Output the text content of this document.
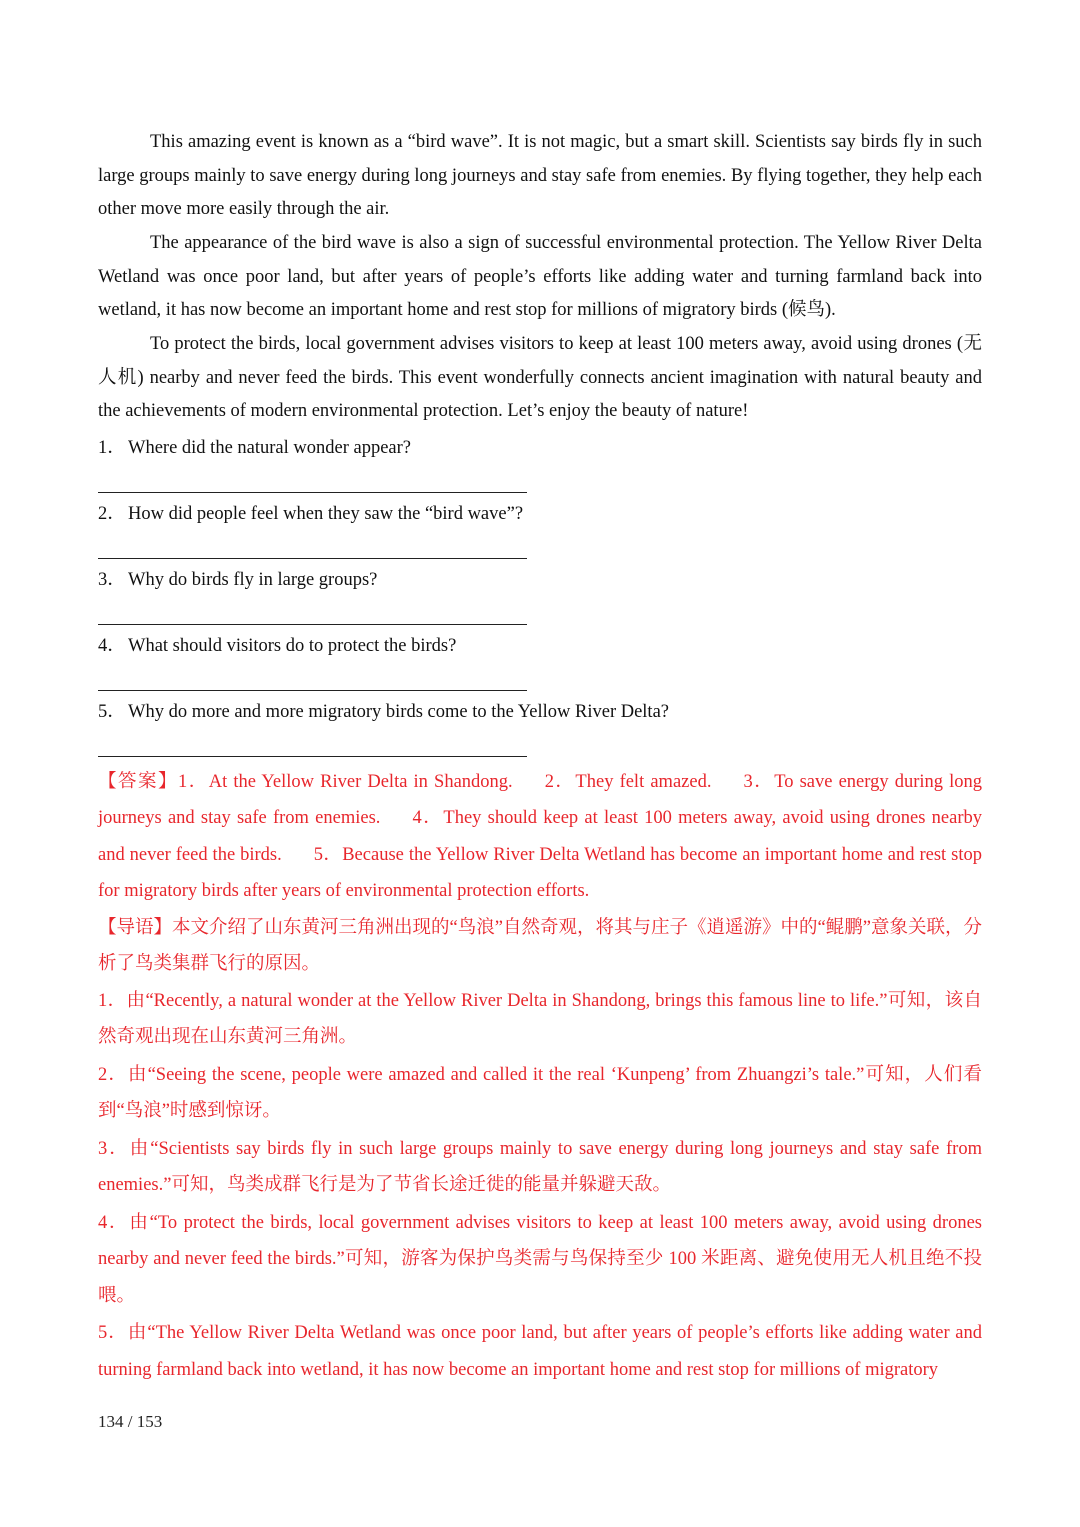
This amazing event is known as a “bird wave”. It is not magic, but a smart skill. Scientists say birds fly in such large groups mainly to save energy during long journeys and stay safe from enemies. By flying together, they help each other move more easily through the air.

The appearance of the bird wave is also a sign of successful environmental protection. The Yellow River Delta Wetland was once poor land, but after years of people’s efforts like adding water and turning farmland back into wetland, it has now become an important home and rest stop for millions of migratory birds (候鸟).

To protect the birds, local government advises visitors to keep at least 100 meters away, avoid using drones (无人机) nearby and never feed the birds. This event wonderfully connects ancient imagination with natural beauty and the achievements of modern environmental protection. Let’s enjoy the beauty of nature!

1． Where did the natural wonder appear?

2． How did people feel when they saw the “bird wave”?

3． Why do birds fly in large groups?

4． What should visitors do to protect the birds?

5． Why do more and more migratory birds come to the Yellow River Delta?

【答案】1．At the Yellow River Delta in Shandong. 2．They felt amazed. 3．To save energy during long journeys and stay safe from enemies. 4．They should keep at least 100 meters away, avoid using drones nearby and never feed the birds. 5．Because the Yellow River Delta Wetland has become an important home and rest stop for migratory birds after years of environmental protection efforts.

【导语】本文介绍了山东黄河三角洲出现的“鸟浪”自然奇观，将其与庄子《逍遥游》中的“鲲鹏”意象关联，分析了鸟类集群飞行的原因。

1．由“Recently, a natural wonder at the Yellow River Delta in Shandong, brings this famous line to life.”可知，该自然奇观出现在山东黄河三角洲。

2．由“Seeing the scene, people were amazed and called it the real ‘Kunpeng’ from Zhuangzi’s tale.”可知，人们看到“鸟浪”时感到惊讶。

3．由“Scientists say birds fly in such large groups mainly to save energy during long journeys and stay safe from enemies.”可知，鸟类成群飞行是为了节省长途迁徙的能量并躲避天敌。

4．由“To protect the birds, local government advises visitors to keep at least 100 meters away, avoid using drones nearby and never feed the birds.”可知，游客为保护鸟类需与鸟保持至少 100 米距离、避免使用无人机且绝不投喂。

5．由“The Yellow River Delta Wetland was once poor land, but after years of people’s efforts like adding water and turning farmland back into wetland, it has now become an important home and rest stop for millions of migratory

134 / 153
